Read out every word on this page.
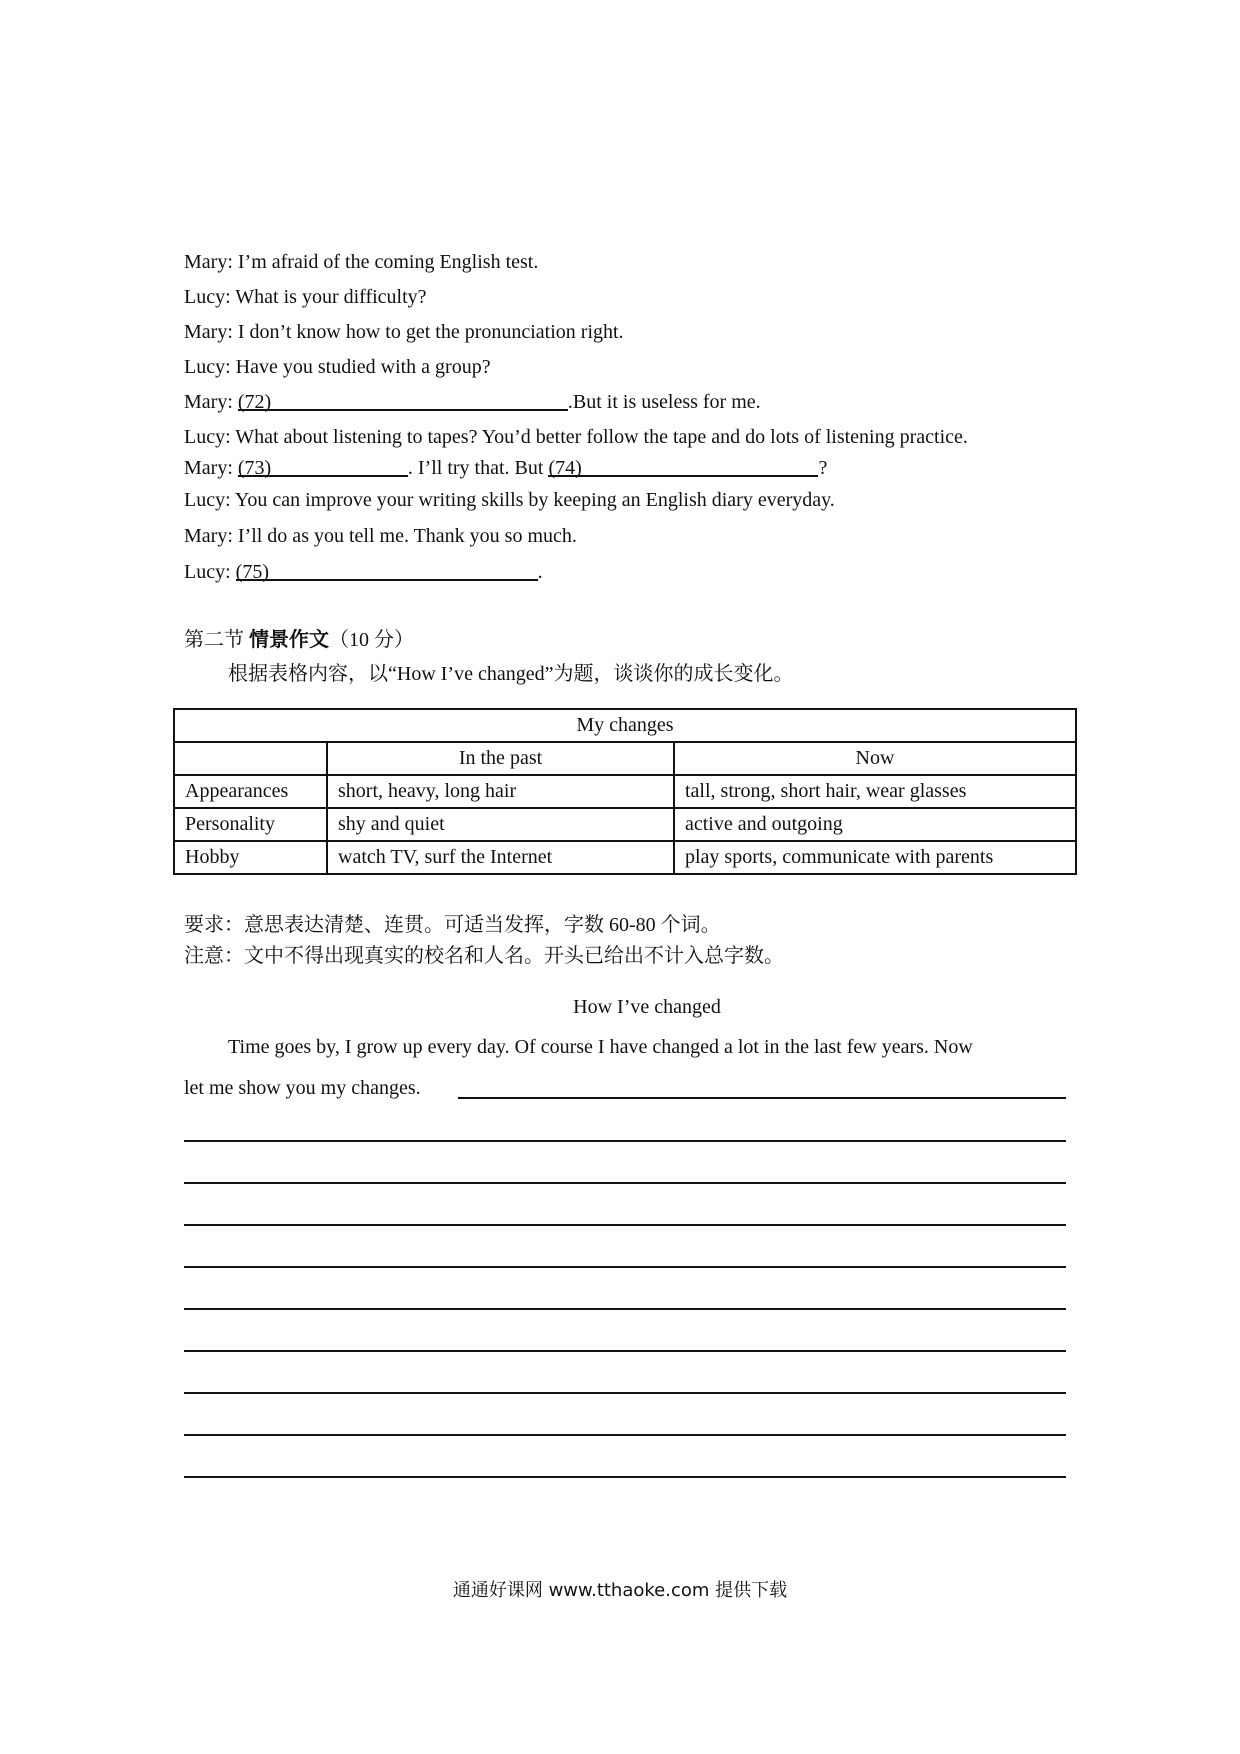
Mary: I’m afraid of the coming English test.
Lucy: What is your difficulty?
Mary: I don’t know how to get the pronunciation right.
Lucy: Have you studied with a group?
Mary: (72)	.But it is useless for me.
Lucy: What about listening to tapes? You’d better follow the tape and do lots of listening practice.
Mary: (73)	. I’ll try that. But (74)	?
Lucy: You can improve your writing skills by keeping an English diary everyday.
Mary: I’ll do as you tell me. Thank you so much.
Lucy: (75)	.
第二节 情景作文（10 分）
根据表格内容，以“How I’ve changed”为题，谈谈你的成长变化。
My changes		
	In the past	Now
Appearances	short, heavy, long hair	tall, strong, short hair, wear glasses
Personality	shy and quiet	active and outgoing
Hobby	watch TV, surf the Internet	play sports, communicate with parents
要求：意思表达清楚、连贯。可适当发挥，字数 60-80 个词。
注意：文中不得出现真实的校名和人名。开头已给出不计入总字数。
How I’ve changed
Time goes by, I grow up every day. Of course I have changed a lot in the last few years. Now
let me show you my changes.
通通好课网 www.tthaoke.com 提供下载
